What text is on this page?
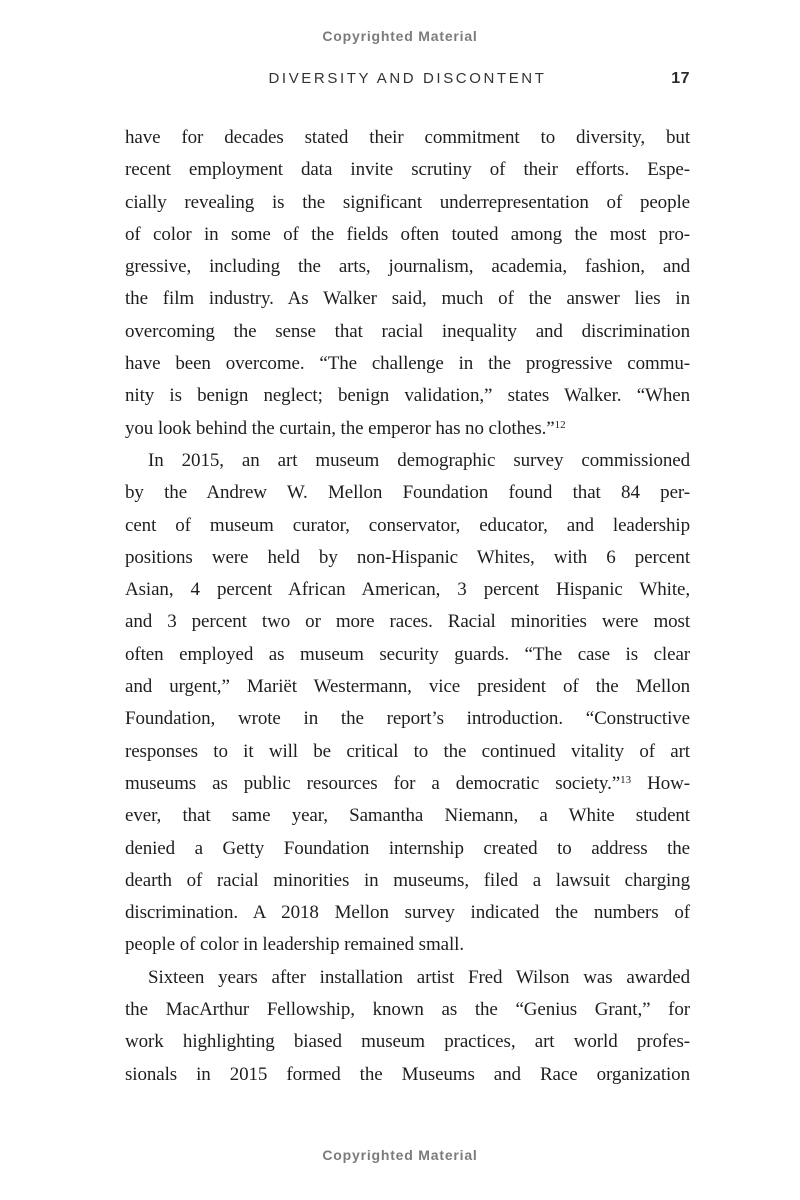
Copyrighted Material
DIVERSITY AND DISCONTENT	17
have for decades stated their commitment to diversity, but
recent employment data invite scrutiny of their efforts. Espe-
cially revealing is the significant underrepresentation of people
of color in some of the fields often touted among the most pro-
gressive, including the arts, journalism, academia, fashion, and
the film industry. As Walker said, much of the answer lies in
overcoming the sense that racial inequality and discrimination
have been overcome. “The challenge in the progressive commu-
nity is benign neglect; benign validation,” states Walker. “When
you look behind the curtain, the emperor has no clothes.”$^{12}$
In 2015, an art museum demographic survey commissioned
by the Andrew W. Mellon Foundation found that 84 per-
cent of museum curator, conservator, educator, and leadership
positions were held by non-Hispanic Whites, with 6 percent
Asian, 4 percent African American, 3 percent Hispanic White,
and 3 percent two or more races. Racial minorities were most
often employed as museum security guards. “The case is clear
and urgent,” Mariët Westermann, vice president of the Mellon
Foundation, wrote in the report’s introduction. “Constructive
responses to it will be critical to the continued vitality of art
museums as public resources for a democratic society.”$^{13}$ How-
ever, that same year, Samantha Niemann, a White student
denied a Getty Foundation internship created to address the
dearth of racial minorities in museums, filed a lawsuit charging
discrimination. A 2018 Mellon survey indicated the numbers of
people of color in leadership remained small.
Sixteen years after installation artist Fred Wilson was awarded
the MacArthur Fellowship, known as the “Genius Grant,” for
work highlighting biased museum practices, art world profes-
sionals in 2015 formed the Museums and Race organization
Copyrighted Material
